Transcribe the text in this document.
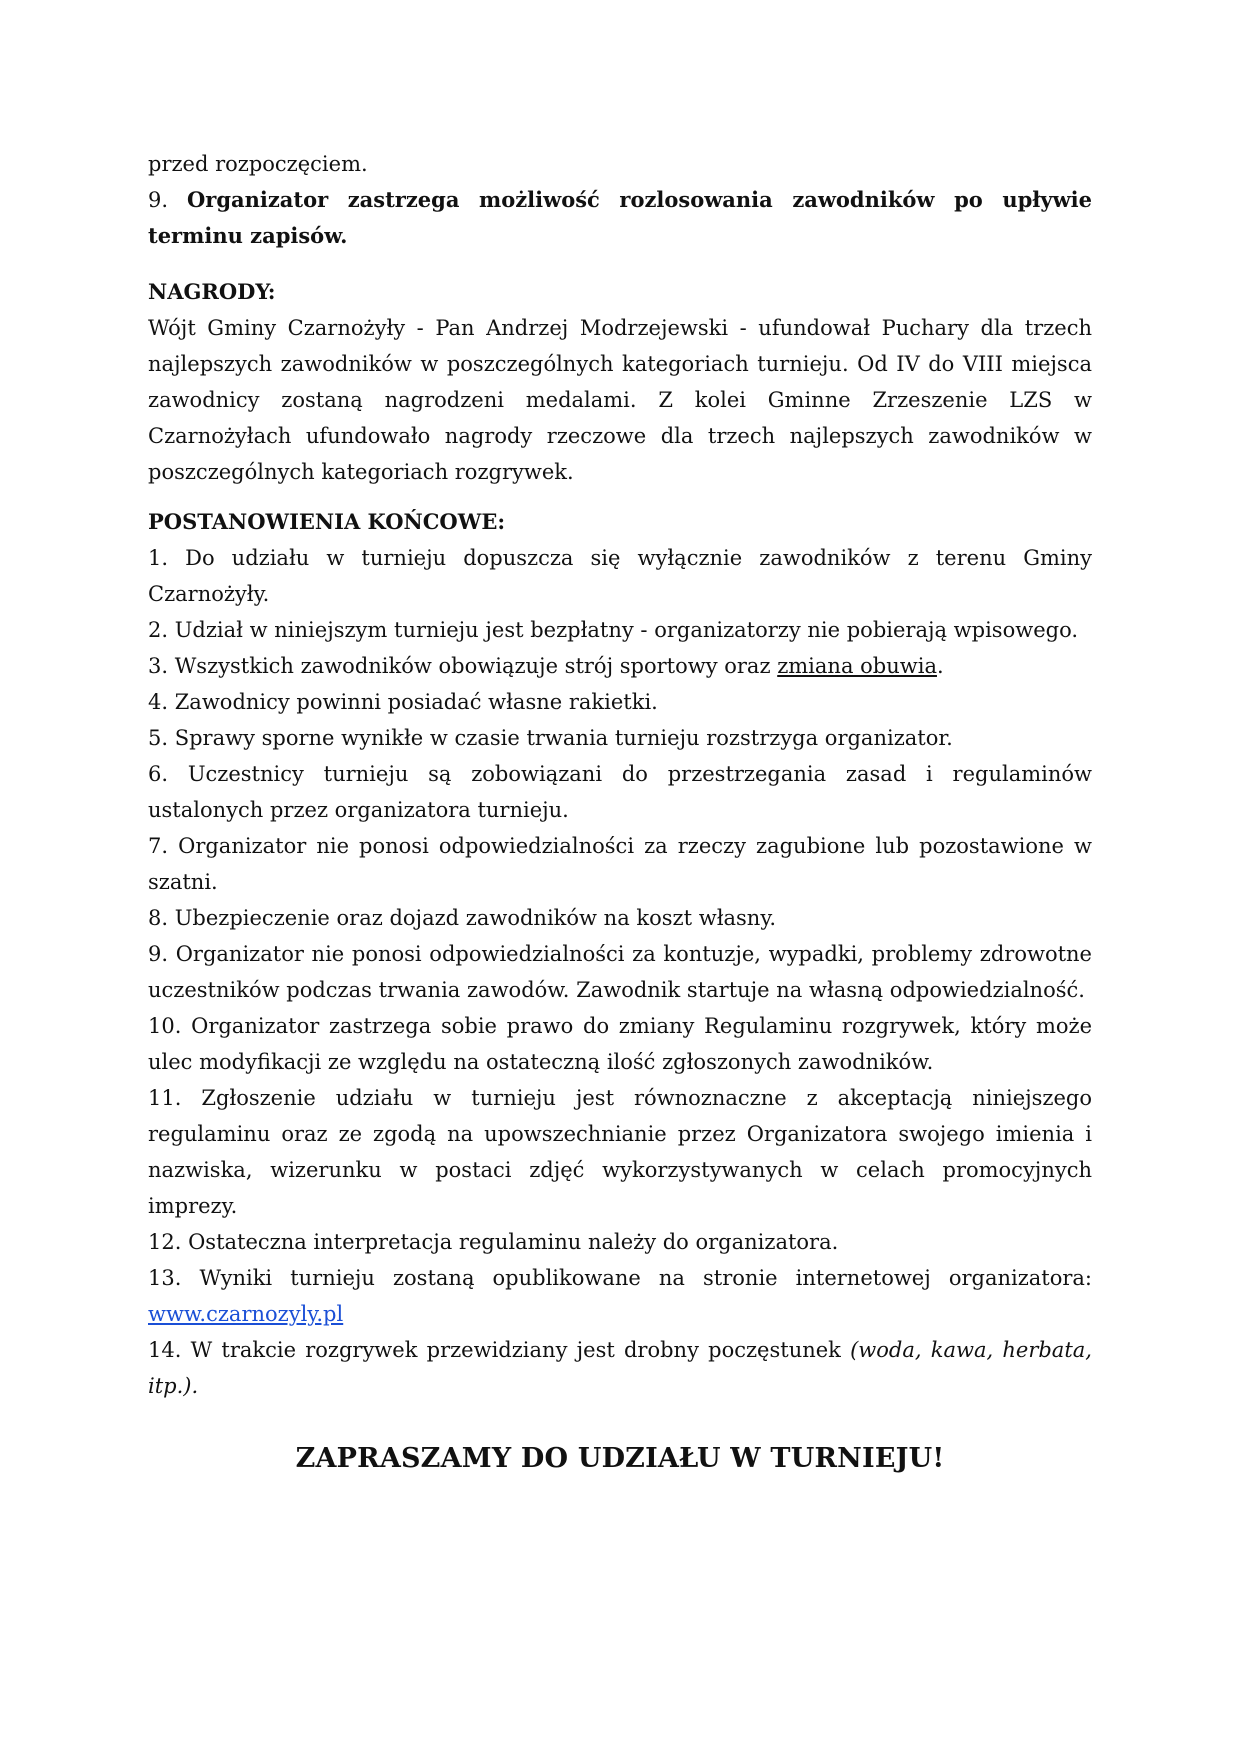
przed rozpoczęciem.

9. Organizator zastrzega możliwość rozlosowania zawodników po upływie terminu zapisów.

NAGRODY:

Wójt Gminy Czarnożyły - Pan Andrzej Modrzejewski - ufundował Puchary dla trzech najlepszych zawodników w poszczególnych kategoriach turnieju. Od IV do VIII miejsca zawodnicy zostaną nagrodzeni medalami. Z kolei Gminne Zrzeszenie LZS w Czarnożyłach ufundowało nagrody rzeczowe dla trzech najlepszych zawodników w poszczególnych kategoriach rozgrywek.

POSTANOWIENIA KOŃCOWE:

1. Do udziału w turnieju dopuszcza się wyłącznie zawodników z terenu Gminy Czarnożyły.

2. Udział w niniejszym turnieju jest bezpłatny - organizatorzy nie pobierają wpisowego.

3. Wszystkich zawodników obowiązuje strój sportowy oraz zmiana obuwia.

4. Zawodnicy powinni posiadać własne rakietki.

5. Sprawy sporne wynikłe w czasie trwania turnieju rozstrzyga organizator.

6. Uczestnicy turnieju są zobowiązani do przestrzegania zasad i regulaminów ustalonych przez organizatora turnieju.

7. Organizator nie ponosi odpowiedzialności za rzeczy zagubione lub pozostawione w szatni.

8. Ubezpieczenie oraz dojazd zawodników na koszt własny.

9. Organizator nie ponosi odpowiedzialności za kontuzje, wypadki, problemy zdrowotne uczestników podczas trwania zawodów. Zawodnik startuje na własną odpowiedzialność.

10. Organizator zastrzega sobie prawo do zmiany Regulaminu rozgrywek, który może ulec modyfikacji ze względu na ostateczną ilość zgłoszonych zawodników.

11. Zgłoszenie udziału w turnieju jest równoznaczne z akceptacją niniejszego regulaminu oraz ze zgodą na upowszechnianie przez Organizatora swojego imienia i nazwiska, wizerunku w postaci zdjęć wykorzystywanych w celach promocyjnych imprezy.

12. Ostateczna interpretacja regulaminu należy do organizatora.

13. Wyniki turnieju zostaną opublikowane na stronie internetowej organizatora: www.czarnozyly.pl

14. W trakcie rozgrywek przewidziany jest drobny poczęstunek (woda, kawa, herbata, itp.).

ZAPRASZAMY DO UDZIAŁU W TURNIEJU!
